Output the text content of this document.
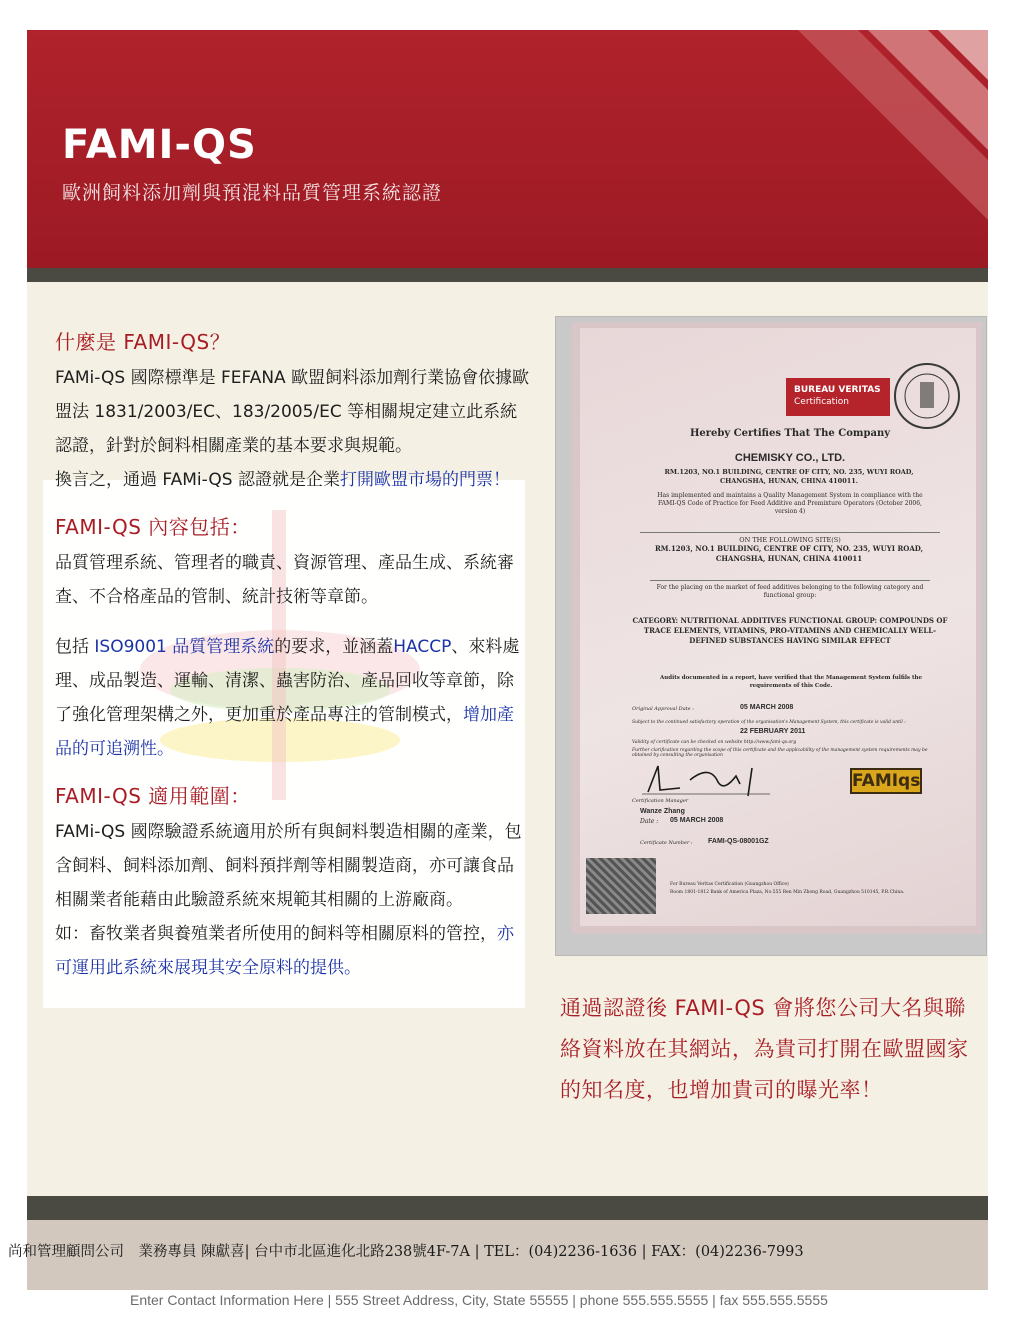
FAMI-QS
歐洲飼料添加劑與預混料品質管理系統認證
什麼是 FAMI-QS？
FAMi-QS 國際標準是 FEFANA 歐盟飼料添加劑行業協會依據歐盟法 1831/2003/EC、183/2005/EC 等相關規定建立此系統認證，針對於飼料相關產業的基本要求與規範。
換言之，通過 FAMi-QS 認證就是企業打開歐盟市場的門票！
FAMI-QS 內容包括：
品質管理系統、管理者的職責、資源管理、產品生成、系統審查、不合格產品的管制、統計技術等章節。
包括 ISO9001 品質管理系統的要求，並涵蓋HACCP、來料處理、成品製造、運輸、清潔、蟲害防治、產品回收等章節，除了強化管理架構之外，更加重於產品專注的管制模式，增加產品的可追溯性。
FAMI-QS 適用範圍：
FAMi-QS 國際驗證系統適用於所有與飼料製造相關的產業，包含飼料、飼料添加劑、飼料預拌劑等相關製造商，亦可讓食品相關業者能藉由此驗證系統來規範其相關的上游廠商。
如：畜牧業者與養殖業者所使用的飼料等相關原料的管控，亦可運用此系統來展現其安全原料的提供。
BUREAU VERITAS
Certification
Hereby Certifies That The Company
CHEMISKY CO., LTD.
RM.1203, NO.1 BUILDING, CENTRE OF CITY, NO. 235, WUYI ROAD, CHANGSHA, HUNAN, CHINA 410011.
Has implemented and maintains a Quality Management System in compliance with the FAMI-QS Code of Practice for Feed Additive and Premixture Operators (October 2006, version 4)
ON THE FOLLOWING SITE(S)
RM.1203, NO.1 BUILDING, CENTRE OF CITY, NO. 235, WUYI ROAD, CHANGSHA, HUNAN, CHINA 410011
For the placing on the market of feed additives belonging to the following category and functional group:
CATEGORY: NUTRITIONAL ADDITIVES FUNCTIONAL GROUP: COMPOUNDS OF TRACE ELEMENTS, VITAMINS, PRO-VITAMINS AND CHEMICALLY WELL-DEFINED SUBSTANCES HAVING SIMILAR EFFECT
Audits documented in a report, have verified that the Management System fulfils the requirements of this Code.
Original Approval Date :	05 MARCH 2008
Subject to the continued satisfactory operation of the organisation's Management System, this certificate is valid until :
22 FEBRUARY 2011
Validity of certificate can be checked on website http://www.fami-qs.org
Further clarification regarding the scope of this certificate and the applicability of the management system requirements may be obtained by consulting the organisation
FAMIqs
Certification Manager
Wanze Zhang
Date : 05 MARCH 2008
Certificate Number : FAMI-QS-08001GZ
For Bureau Veritas Certification (Guangzhou Office)
Room 1801-1812 Bank of America Plaza, No.555 Ren Min Zhong Road, Guangzhou 510145, P.R.China.
通過認證後 FAMI-QS 會將您公司大名與聯絡資料放在其網站，為貴司打開在歐盟國家的知名度，也增加貴司的曝光率！
尚和管理顧問公司　業務專員 陳獻喜| 台中市北區進化北路238號4F-7A | TEL：(04)2236-1636 | FAX：(04)2236-7993
Enter Contact Information Here | 555 Street Address, City, State 55555 | phone 555.555.5555 | fax 555.555.5555
